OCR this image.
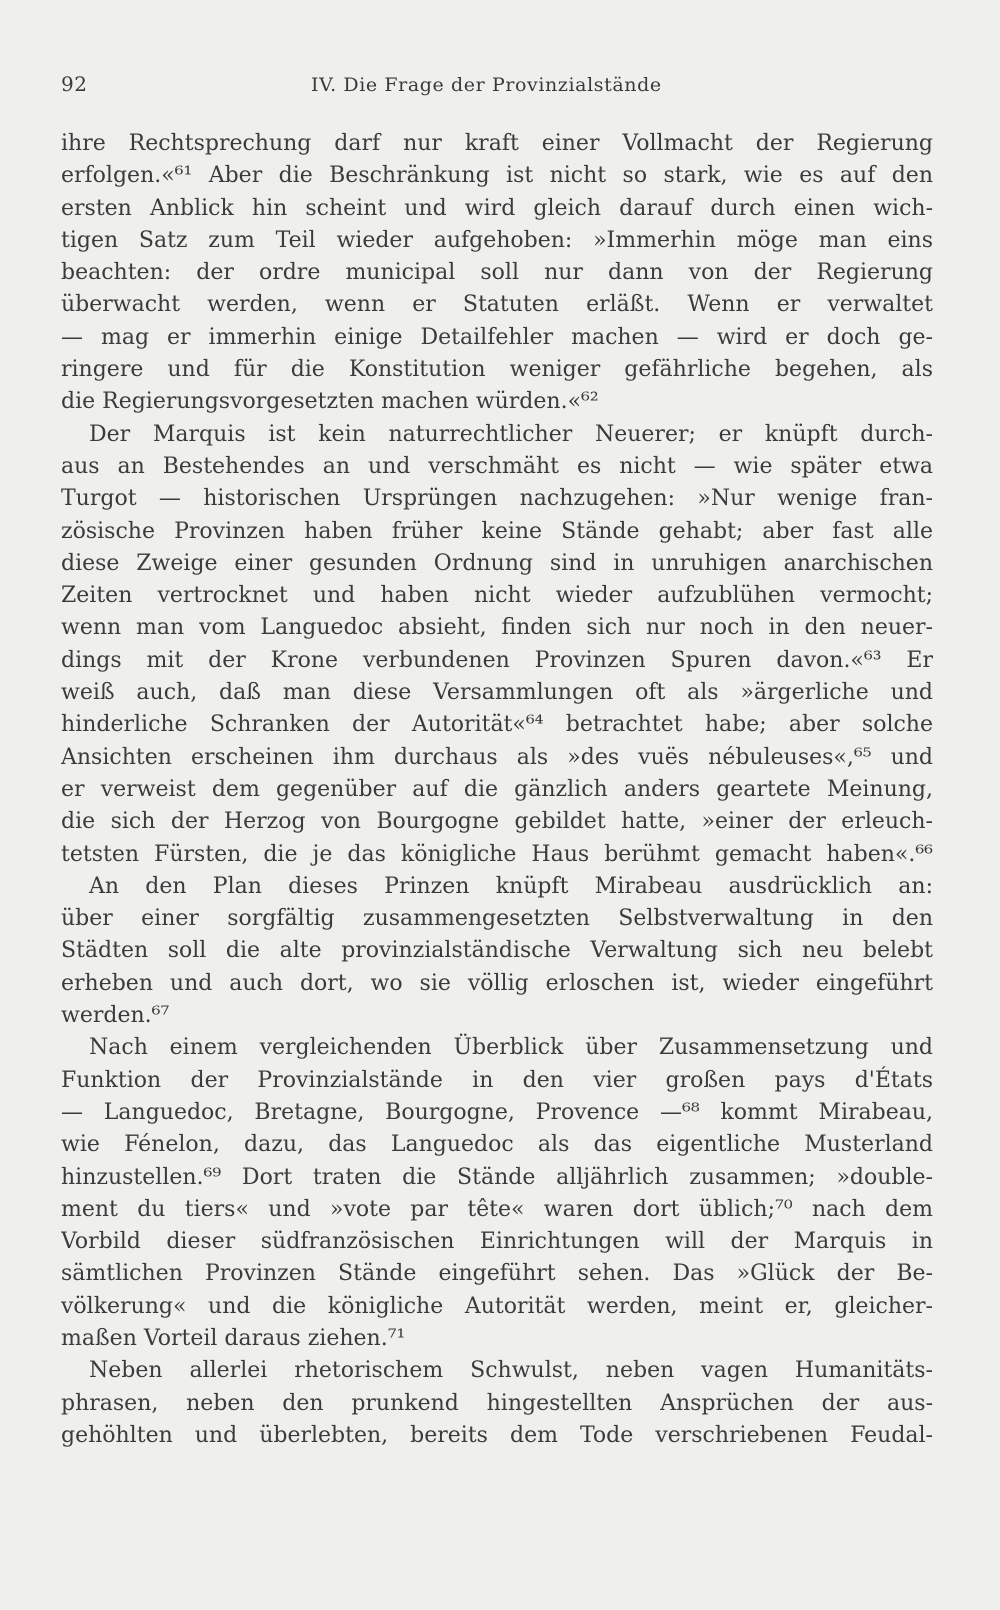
92	IV. Die Frage der Provinzialstände
ihre Rechtsprechung darf nur kraft einer Vollmacht der Regierung
erfolgen.«⁶¹ Aber die Beschränkung ist nicht so stark, wie es auf den
ersten Anblick hin scheint und wird gleich darauf durch einen wich-
tigen Satz zum Teil wieder aufgehoben: »Immerhin möge man eins
beachten: der ordre municipal soll nur dann von der Regierung
überwacht werden, wenn er Statuten erläßt. Wenn er verwaltet
— mag er immerhin einige Detailfehler machen — wird er doch ge-
ringere und für die Konstitution weniger gefährliche begehen, als
die Regierungsvorgesetzten machen würden.«⁶²
Der Marquis ist kein naturrechtlicher Neuerer; er knüpft durch-
aus an Bestehendes an und verschmäht es nicht — wie später etwa
Turgot — historischen Ursprüngen nachzugehen: »Nur wenige fran-
zösische Provinzen haben früher keine Stände gehabt; aber fast alle
diese Zweige einer gesunden Ordnung sind in unruhigen anarchischen
Zeiten vertrocknet und haben nicht wieder aufzublühen vermocht;
wenn man vom Languedoc absieht, finden sich nur noch in den neuer-
dings mit der Krone verbundenen Provinzen Spuren davon.«⁶³ Er
weiß auch, daß man diese Versammlungen oft als »ärgerliche und
hinderliche Schranken der Autorität«⁶⁴ betrachtet habe; aber solche
Ansichten erscheinen ihm durchaus als »des vuës nébuleuses«,⁶⁵ und
er verweist dem gegenüber auf die gänzlich anders geartete Meinung,
die sich der Herzog von Bourgogne gebildet hatte, »einer der erleuch-
tetsten Fürsten, die je das königliche Haus berühmt gemacht haben«.⁶⁶
An den Plan dieses Prinzen knüpft Mirabeau ausdrücklich an:
über einer sorgfältig zusammengesetzten Selbstverwaltung in den
Städten soll die alte provinzialständische Verwaltung sich neu belebt
erheben und auch dort, wo sie völlig erloschen ist, wieder eingeführt
werden.⁶⁷
Nach einem vergleichenden Überblick über Zusammensetzung und
Funktion der Provinzialstände in den vier großen pays d'États
— Languedoc, Bretagne, Bourgogne, Provence —⁶⁸ kommt Mirabeau,
wie Fénelon, dazu, das Languedoc als das eigentliche Musterland
hinzustellen.⁶⁹ Dort traten die Stände alljährlich zusammen; »double-
ment du tiers« und »vote par tête« waren dort üblich;⁷⁰ nach dem
Vorbild dieser südfranzösischen Einrichtungen will der Marquis in
sämtlichen Provinzen Stände eingeführt sehen. Das »Glück der Be-
völkerung« und die königliche Autorität werden, meint er, gleicher-
maßen Vorteil daraus ziehen.⁷¹
Neben allerlei rhetorischem Schwulst, neben vagen Humanitäts-
phrasen, neben den prunkend hingestellten Ansprüchen der aus-
gehöhlten und überlebten, bereits dem Tode verschriebenen Feudal-
